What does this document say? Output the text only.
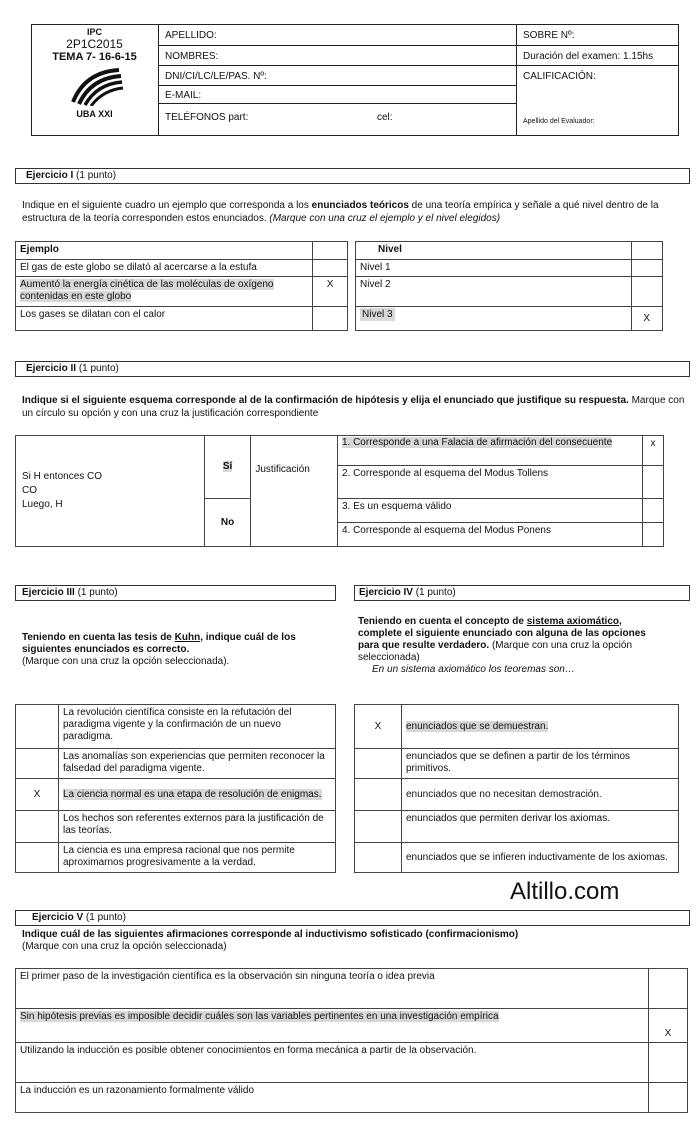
IPC
2P1C2015
TEMA 7- 16-6-15
UBA XXI
APELLIDO:
NOMBRES:
DNI/CI/LC/LE/PAS. Nº:
E-MAIL:
TELÉFONOS part:	cel:
SOBRE Nº:
Duración del examen: 1.15hs
CALIFICACIÓN:
Apellido del Evaluador:
Ejercicio I (1 punto)
Indique en el siguiente cuadro un ejemplo que corresponda a los enunciados teóricos de una teoría empírica y señale a qué nivel dentro de la estructura de la teoría corresponden estos enunciados. (Marque con una cruz el ejemplo y el nivel elegidos)
Ejemplo	
El gas de este globo se dilató al acercarse a la estufa	
Aumentó la energía cinética de las moléculas de oxígeno contenidas en este globo	X
Los gases se dilatan con el calor	
Nivel	
Nivel 1	
Nivel 2	
Nivel 3	X
Ejercicio II (1 punto)
Indique si el siguiente esquema corresponde al de la confirmación de hipótesis y elija el enunciado que justifique su respuesta. Marque con un círculo su opción y con una cruz la justificación correspondiente
Si H entonces CO
CO
Luego, H	Sí	Justificación	1. Corresponde a una Falacia de afirmación del consecuente	x
			2. Corresponde al esquema del Modus Tollens	
	No		3. Es un esquema válido	
			4. Corresponde al esquema del Modus Ponens	
Ejercicio III (1 punto)
Teniendo en cuenta las tesis de Kuhn, indique cuál de los siguientes enunciados es correcto.
(Marque con una cruz la opción seleccionada).
	La revolución científica consiste en la refutación del paradigma vigente y la confirmación de un nuevo paradigma.
	Las anomalías son experiencias que permiten reconocer la falsedad del paradigma vigente.
X	La ciencia normal es una etapa de resolución de enigmas.
	Los hechos son referentes externos para la justificación de las teorías.
	La ciencia es una empresa racional que nos permite aproximarnos progresivamente a la verdad.
Ejercicio IV (1 punto)
Teniendo en cuenta el concepto de sistema axiomático, complete el siguiente enunciado con alguna de las opciones para que resulte verdadero. (Marque con una cruz la opción seleccionada)
En un sistema axiomático los teoremas son…
X	enunciados que se demuestran.
	enunciados que se definen a partir de los términos primitivos.
	enunciados que no necesitan demostración.
	enunciados que permiten derivar los axiomas.
	enunciados que se infieren inductivamente de los axiomas.
Altillo.com
Ejercicio V (1 punto)
Indique cuál de las siguientes afirmaciones corresponde al inductivismo sofisticado (confirmacionismo)
(Marque con una cruz la opción seleccionada)
El primer paso de la investigación científica es la observación sin ninguna teoría o idea previa	
Sin hipótesis previas es imposible decidir cuáles son las variables pertinentes en una investigación empírica	X
Utilizando la inducción es posible obtener conocimientos en forma mecánica a partir de la observación.	
La inducción es un razonamiento formalmente válido	
